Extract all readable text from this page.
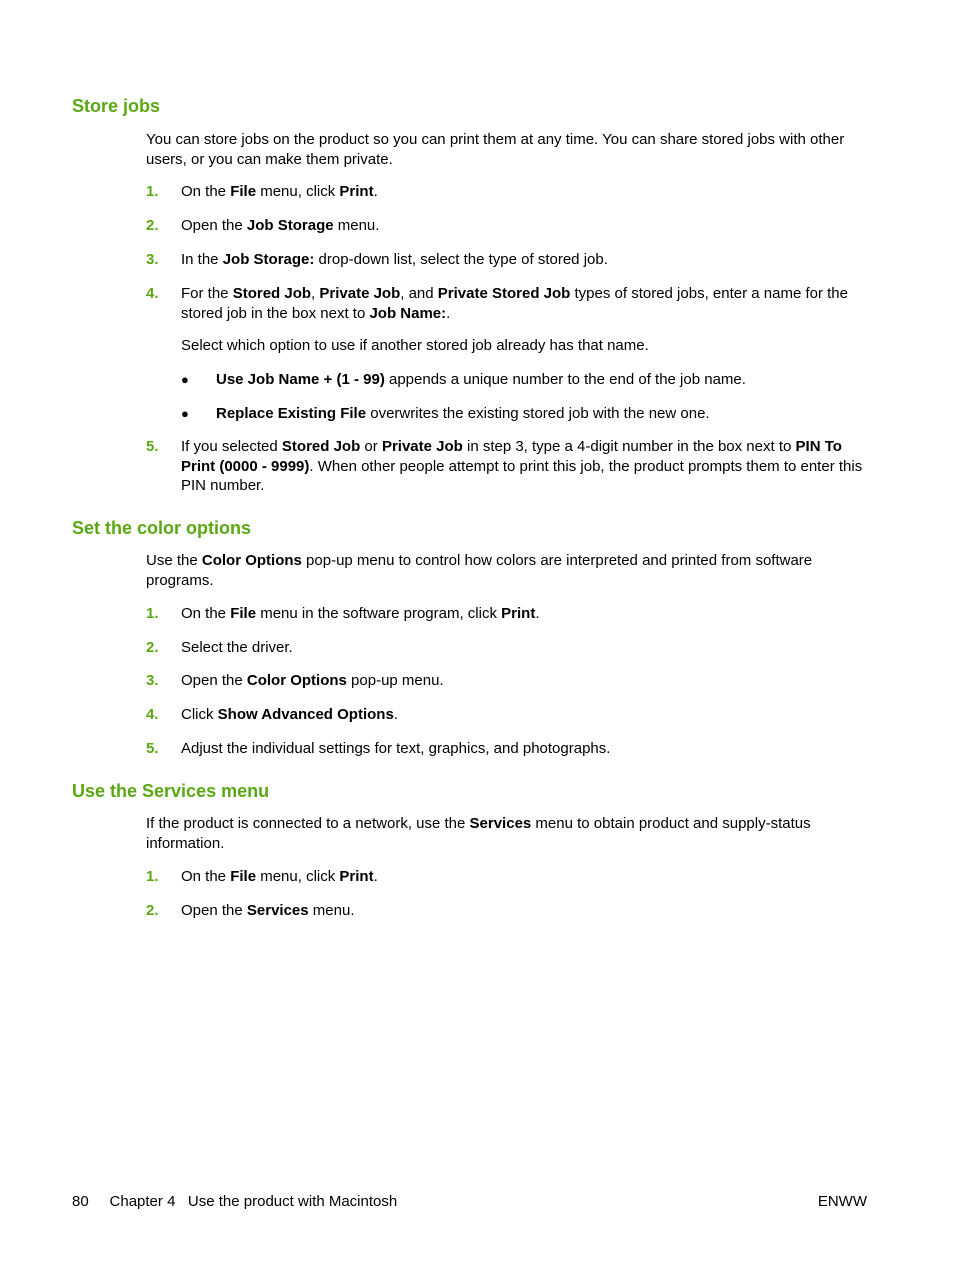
Store jobs

You can store jobs on the product so you can print them at any time. You can share stored jobs with other users, or you can make them private.

1.	On the File menu, click Print.
2.	Open the Job Storage menu.
3.	In the Job Storage: drop-down list, select the type of stored job.
4.	For the Stored Job, Private Job, and Private Stored Job types of stored jobs, enter a name for the stored job in the box next to Job Name:.

Select which option to use if another stored job already has that name.

● Use Job Name + (1 - 99) appends a unique number to the end of the job name.
● Replace Existing File overwrites the existing stored job with the new one.
5.	If you selected Stored Job or Private Job in step 3, type a 4-digit number in the box next to PIN To Print (0000 - 9999). When other people attempt to print this job, the product prompts them to enter this PIN number.
Set the color options

Use the Color Options pop-up menu to control how colors are interpreted and printed from software programs.

1.	On the File menu in the software program, click Print.
2.	Select the driver.
3.	Open the Color Options pop-up menu.
4.	Click Show Advanced Options.
5.	Adjust the individual settings for text, graphics, and photographs.
Use the Services menu

If the product is connected to a network, use the Services menu to obtain product and supply-status information.

1.	On the File menu, click Print.
2.	Open the Services menu.
80 Chapter 4 Use the product with Macintosh	ENWW
